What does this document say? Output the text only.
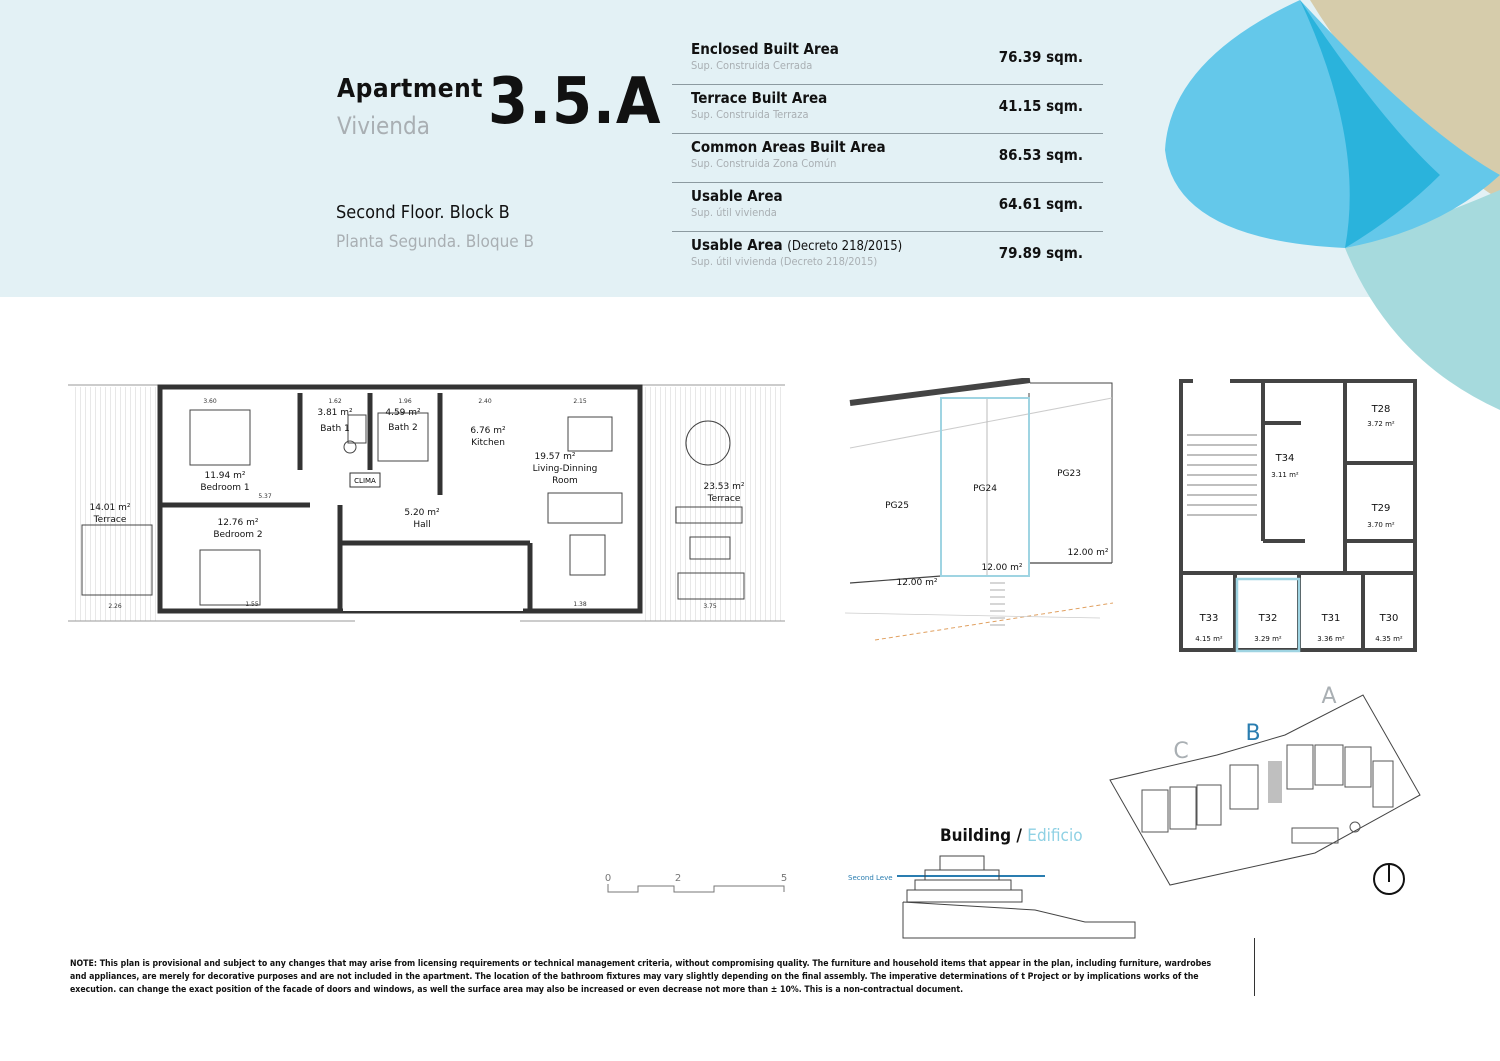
Apartment
Vivienda 3.5.A
Second Floor. Block B
Planta Segunda. Bloque B
Enclosed Built Area
Sup. Construida Cerrada	76.39 sqm.
Terrace Built Area
Sup. Construida Terraza	41.15 sqm.
Common Areas Built Area
Sup. Construida Zona Común	86.53 sqm.
Usable Area
Sup. útil vivienda	64.61 sqm.
Usable Area (Decreto 218/2015)
Sup. útil vivienda (Decreto 218/2015)	79.89 sqm.
11.94 m²
Bedroom 1
12.76 m²
Bedroom 2
3.81 m²
Bath 1
4.59 m²
Bath 2	6.76 m²
Kitchen
19.57 m²
Living-Dinning
Room
5.20 m²
Hall
14.01 m²
Terrace
23.53 m²
Terrace
CLIMA
3.60	1.62	1.96	2.40	2.15
5.37
2.26	1.55	1.38	3.75
PG25
12.00 m²
PG24
12.00 m²
PG23
12.00 m²
T28
3.72 m²
T34
3.11 m²
T29
3.70 m²
T33
4.15 m²
T32
3.29 m²
T31
3.36 m²
T30
4.35 m²
0	2	5
Building / Edificio
Second Leve
C
B
A
NOTE: This plan is provisional and subject to any changes that may arise from licensing requirements or technical management criteria, without compromising quality. The furniture and household items that appear in the plan, including furniture, wardrobes and appliances, are merely for decorative purposes and are not included in the apartment. The location of the bathroom fixtures may vary slightly depending on the final assembly. The imperative determinations of t Project or by implications works of the execution. can change the exact position of the facade of doors and windows, as well the surface area may also be increased or even decrease not more than ± 10%. This is a non-contractual document.
